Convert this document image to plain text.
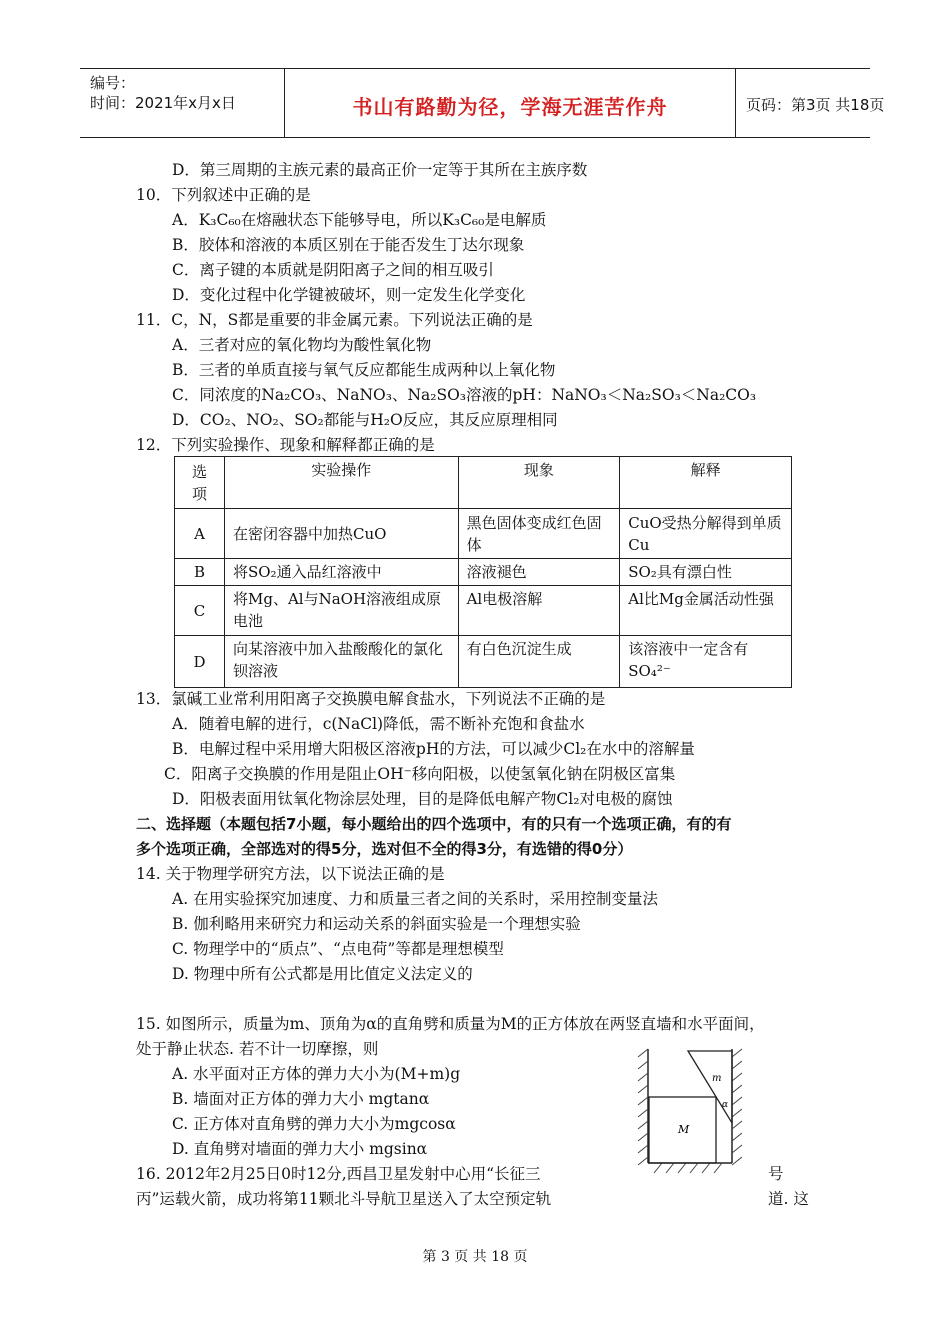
编号：
时间：2021年x月x日	书山有路勤为径，学海无涯苦作舟	页码：第3页 共18页
D．第三周期的主族元素的最高正价一定等于其所在主族序数
10．下列叙述中正确的是
A．K₃C₆₀在熔融状态下能够导电，所以K₃C₆₀是电解质
B．胶体和溶液的本质区别在于能否发生丁达尔现象
C．离子键的本质就是阴阳离子之间的相互吸引
D．变化过程中化学键被破坏，则一定发生化学变化
11．C，N，S都是重要的非金属元素。下列说法正确的是
A．三者对应的氧化物均为酸性氧化物
B．三者的单质直接与氧气反应都能生成两种以上氧化物
C．同浓度的Na₂CO₃、NaNO₃、Na₂SO₃溶液的pH：NaNO₃＜Na₂SO₃＜Na₂CO₃
D．CO₂、NO₂、SO₂都能与H₂O反应，其反应原理相同
12．下列实验操作、现象和解释都正确的是
选项	实验操作	现象	解释
A	在密闭容器中加热CuO	黑色固体变成红色固体	CuO受热分解得到单质Cu
B	将SO₂通入品红溶液中	溶液褪色	SO₂具有漂白性
C	将Mg、Al与NaOH溶液组成原电池	Al电极溶解	Al比Mg金属活动性强
D	向某溶液中加入盐酸酸化的氯化钡溶液	有白色沉淀生成	该溶液中一定含有SO₄²⁻
13．氯碱工业常利用阳离子交换膜电解食盐水，下列说法不正确的是
A．随着电解的进行，c(NaCl)降低，需不断补充饱和食盐水
B．电解过程中采用增大阳极区溶液pH的方法，可以减少Cl₂在水中的溶解量
C．阳离子交换膜的作用是阻止OH⁻移向阳极，以使氢氧化钠在阴极区富集
D．阳极表面用钛氧化物涂层处理，目的是降低电解产物Cl₂对电极的腐蚀
二、选择题（本题包括7小题，每小题给出的四个选项中，有的只有一个选项正确，有的有
多个选项正确，全部选对的得5分，选对但不全的得3分，有选错的得0分）
14. 关于物理学研究方法，以下说法正确的是
A. 在用实验探究加速度、力和质量三者之间的关系时，采用控制变量法
B. 伽利略用来研究力和运动关系的斜面实验是一个理想实验
C. 物理学中的“质点”、“点电荷”等都是理想模型
D. 物理中所有公式都是用比值定义法定义的
15. 如图所示，质量为m、顶角为α的直角劈和质量为M的正方体放在两竖直墙和水平面间，
处于静止状态. 若不计一切摩擦，则
A. 水平面对正方体的弹力大小为(M+m)g
B. 墙面对正方体的弹力大小 mgtanα
C. 正方体对直角劈的弹力大小为mgcosα
D. 直角劈对墙面的弹力大小 mgsinα
m
α
M
16. 2012年2月25日0时12分,西昌卫星发射中心用“长征三	号
丙”运载火箭，成功将第11颗北斗导航卫星送入了太空预定轨	道. 这
第 3 页 共 18 页
